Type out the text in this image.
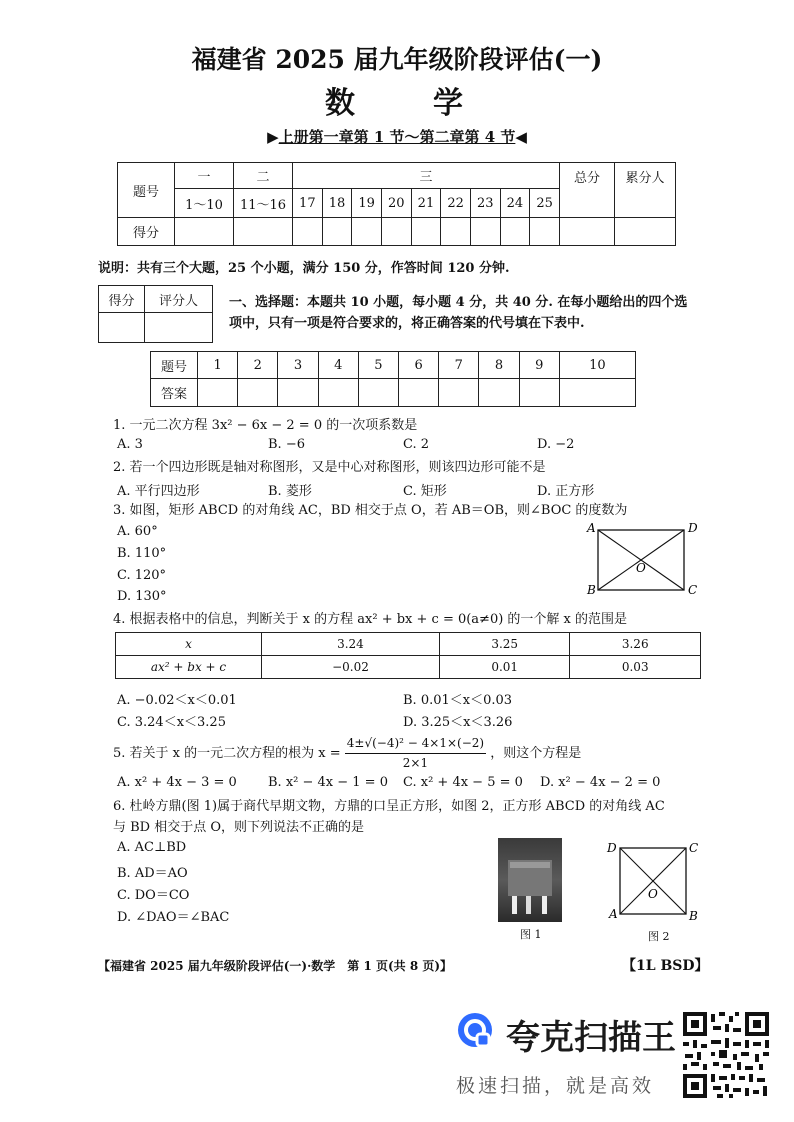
福建省 2025 届九年级阶段评估(一)
数　　学
▶上册第一章第 1 节～第二章第 4 节◀
题号	一	二	三									总分	累分人
	1～10	11～16	17	18	19	20	21	22	23	24	25		
得分													
说明：共有三个大题，25 个小题，满分 150 分，作答时间 120 分钟.
得分	评分人
	一、选择题：本题共 10 小题，每小题 4 分，共 40 分. 在每小题给出的四个选项中，只有一项是符合要求的，将正确答案的代号填在下表中.
题号	1	2	3	4	5	6	7	8	9	10
答案										
1. 一元二次方程 3x² − 6x − 2 = 0 的一次项系数是
A. 3	B. −6	C. 2	D. −2
2. 若一个四边形既是轴对称图形，又是中心对称图形，则该四边形可能不是
A. 平行四边形	B. 菱形	C. 矩形	D. 正方形
3. 如图，矩形 ABCD 的对角线 AC，BD 相交于点 O，若 AB＝OB，则∠BOC 的度数为
A. 60°
B. 110°
C. 120°
D. 130°
A	D
B	C
O
4. 根据表格中的信息，判断关于 x 的方程 ax² + bx + c = 0(a≠0) 的一个解 x 的范围是
x	3.24	3.25	3.26
ax² + bx + c	−0.02	0.01	0.03
A. −0.02＜x＜0.01	B. 0.01＜x＜0.03
C. 3.24＜x＜3.25	D. 3.25＜x＜3.26
5. 若关于 x 的一元二次方程的根为 $x = \frac{\text{4±√(−4)² − 4×1×(−2)}}{2\times 1}$ ，则这个方程是
A. x² + 4x − 3 = 0 B. x² − 4x − 1 = 0 C. x² + 4x − 5 = 0 D. x² − 4x − 2 = 0
6. 杜岭方鼎(图 1)属于商代早期文物，方鼎的口呈正方形，如图 2，正方形 ABCD 的对角线 AC
与 BD 相交于点 O，则下列说法不正确的是
A. AC⊥BD
B. AD＝AO
C. DO＝CO
D. ∠DAO＝∠BAC
图 1
D	C
A	B
O
图 2
【福建省 2025 届九年级阶段评估(一)·数学　第 1 页(共 8 页)】	【1L BSD】
夸克扫描王
极速扫描，就是高效
